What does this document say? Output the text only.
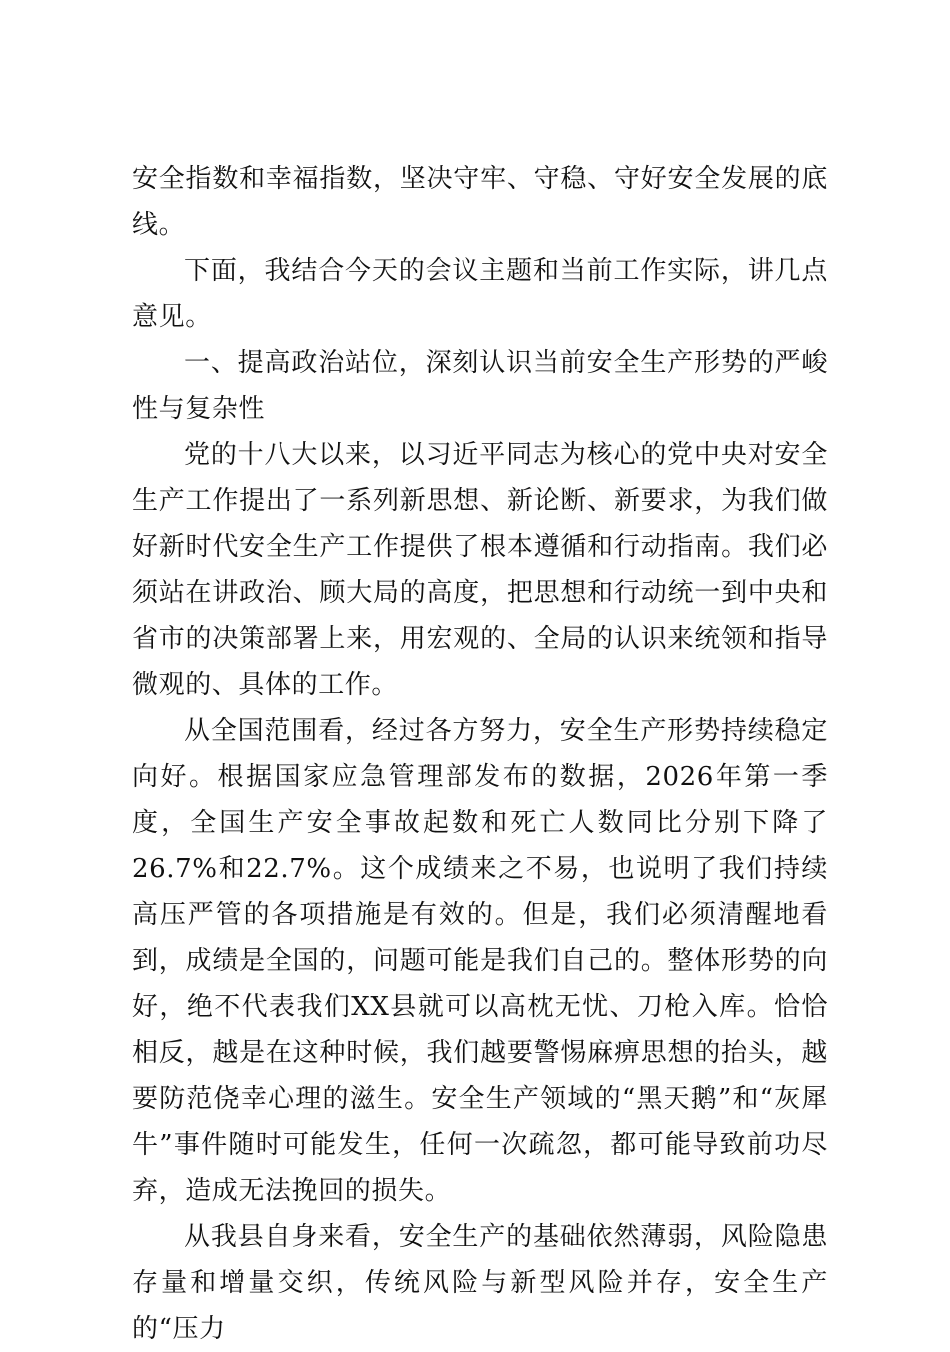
安全指数和幸福指数，坚决守牢、守稳、守好安全发展的底线。

下面，我结合今天的会议主题和当前工作实际，讲几点意见。

一、提高政治站位，深刻认识当前安全生产形势的严峻性与复杂性

党的十八大以来，以习近平同志为核心的党中央对安全生产工作提出了一系列新思想、新论断、新要求，为我们做好新时代安全生产工作提供了根本遵循和行动指南。我们必须站在讲政治、顾大局的高度，把思想和行动统一到中央和省市的决策部署上来，用宏观的、全局的认识来统领和指导微观的、具体的工作。

从全国范围看，经过各方努力，安全生产形势持续稳定向好。根据国家应急管理部发布的数据，2026年第一季度，全国生产安全事故起数和死亡人数同比分别下降了26.7%和22.7%。这个成绩来之不易，也说明了我们持续高压严管的各项措施是有效的。但是，我们必须清醒地看到，成绩是全国的，问题可能是我们自己的。整体形势的向好，绝不代表我们XX县就可以高枕无忧、刀枪入库。恰恰相反，越是在这种时候，我们越要警惕麻痹思想的抬头，越要防范侥幸心理的滋生。安全生产领域的“黑天鹅”和“灰犀牛”事件随时可能发生，任何一次疏忽，都可能导致前功尽弃，造成无法挽回的损失。

从我县自身来看，安全生产的基础依然薄弱，风险隐患存量和增量交织，传统风险与新型风险并存，安全生产的“压力
